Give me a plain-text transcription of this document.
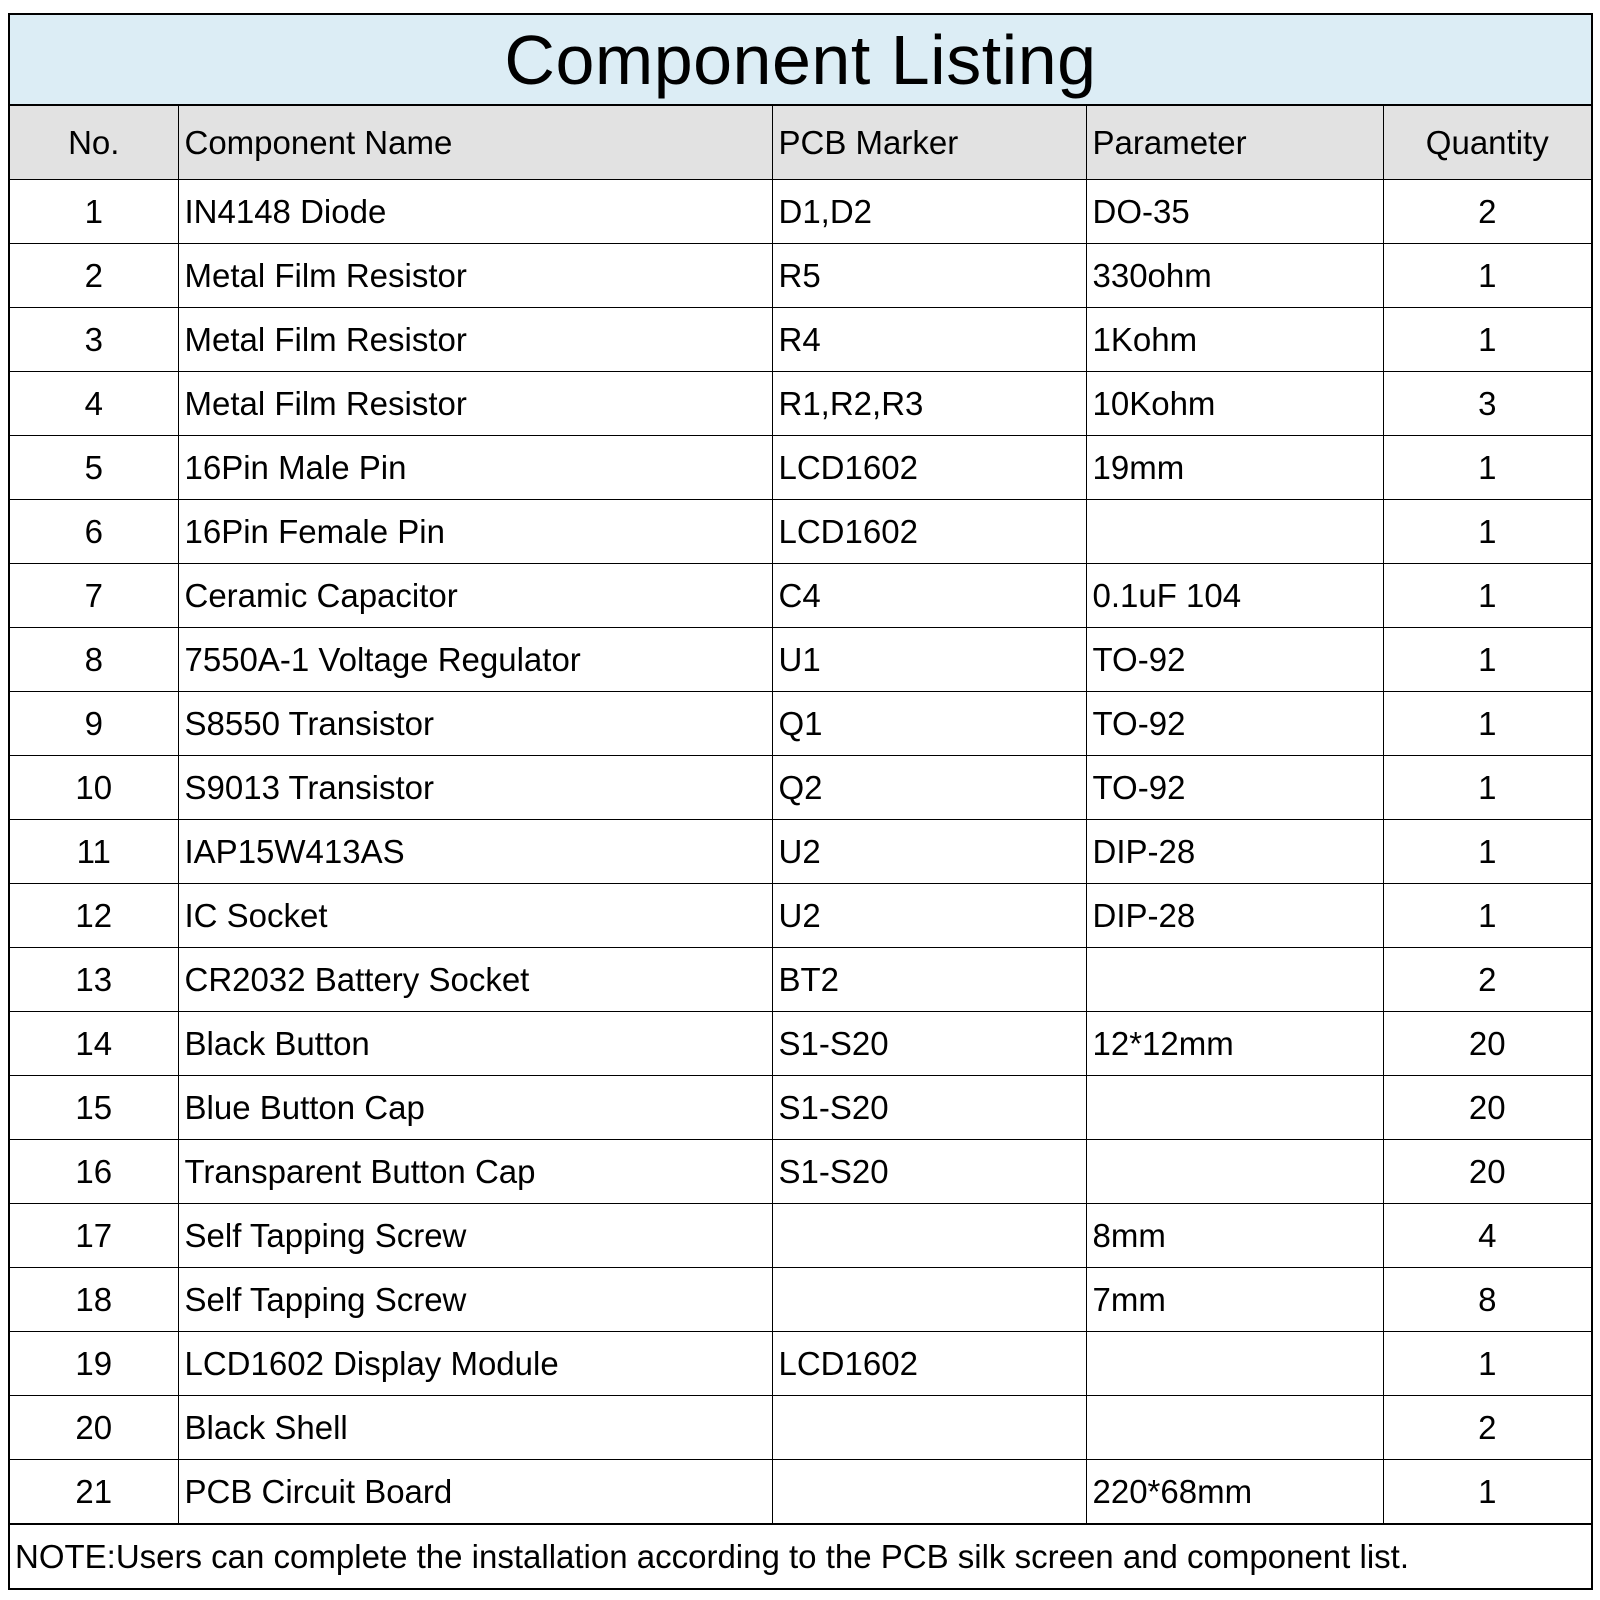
Component Listing
No.	Component Name	PCB Marker	Parameter	Quantity
1	IN4148 Diode	D1,D2	DO-35	2
2	Metal Film Resistor	R5	330ohm	1
3	Metal Film Resistor	R4	1Kohm	1
4	Metal Film Resistor	R1,R2,R3	10Kohm	3
5	16Pin Male Pin	LCD1602	19mm	1
6	16Pin Female Pin	LCD1602		1
7	Ceramic Capacitor	C4	0.1uF 104	1
8	7550A-1 Voltage Regulator	U1	TO-92	1
9	S8550 Transistor	Q1	TO-92	1
10	S9013 Transistor	Q2	TO-92	1
11	IAP15W413AS	U2	DIP-28	1
12	IC Socket	U2	DIP-28	1
13	CR2032 Battery Socket	BT2		2
14	Black Button	S1-S20	12*12mm	20
15	Blue Button Cap	S1-S20		20
16	Transparent Button Cap	S1-S20		20
17	Self Tapping Screw		8mm	4
18	Self Tapping Screw		7mm	8
19	LCD1602 Display Module	LCD1602		1
20	Black Shell			2
21	PCB Circuit Board		220*68mm	1
NOTE:Users can complete the installation according to the PCB silk screen and component list.
